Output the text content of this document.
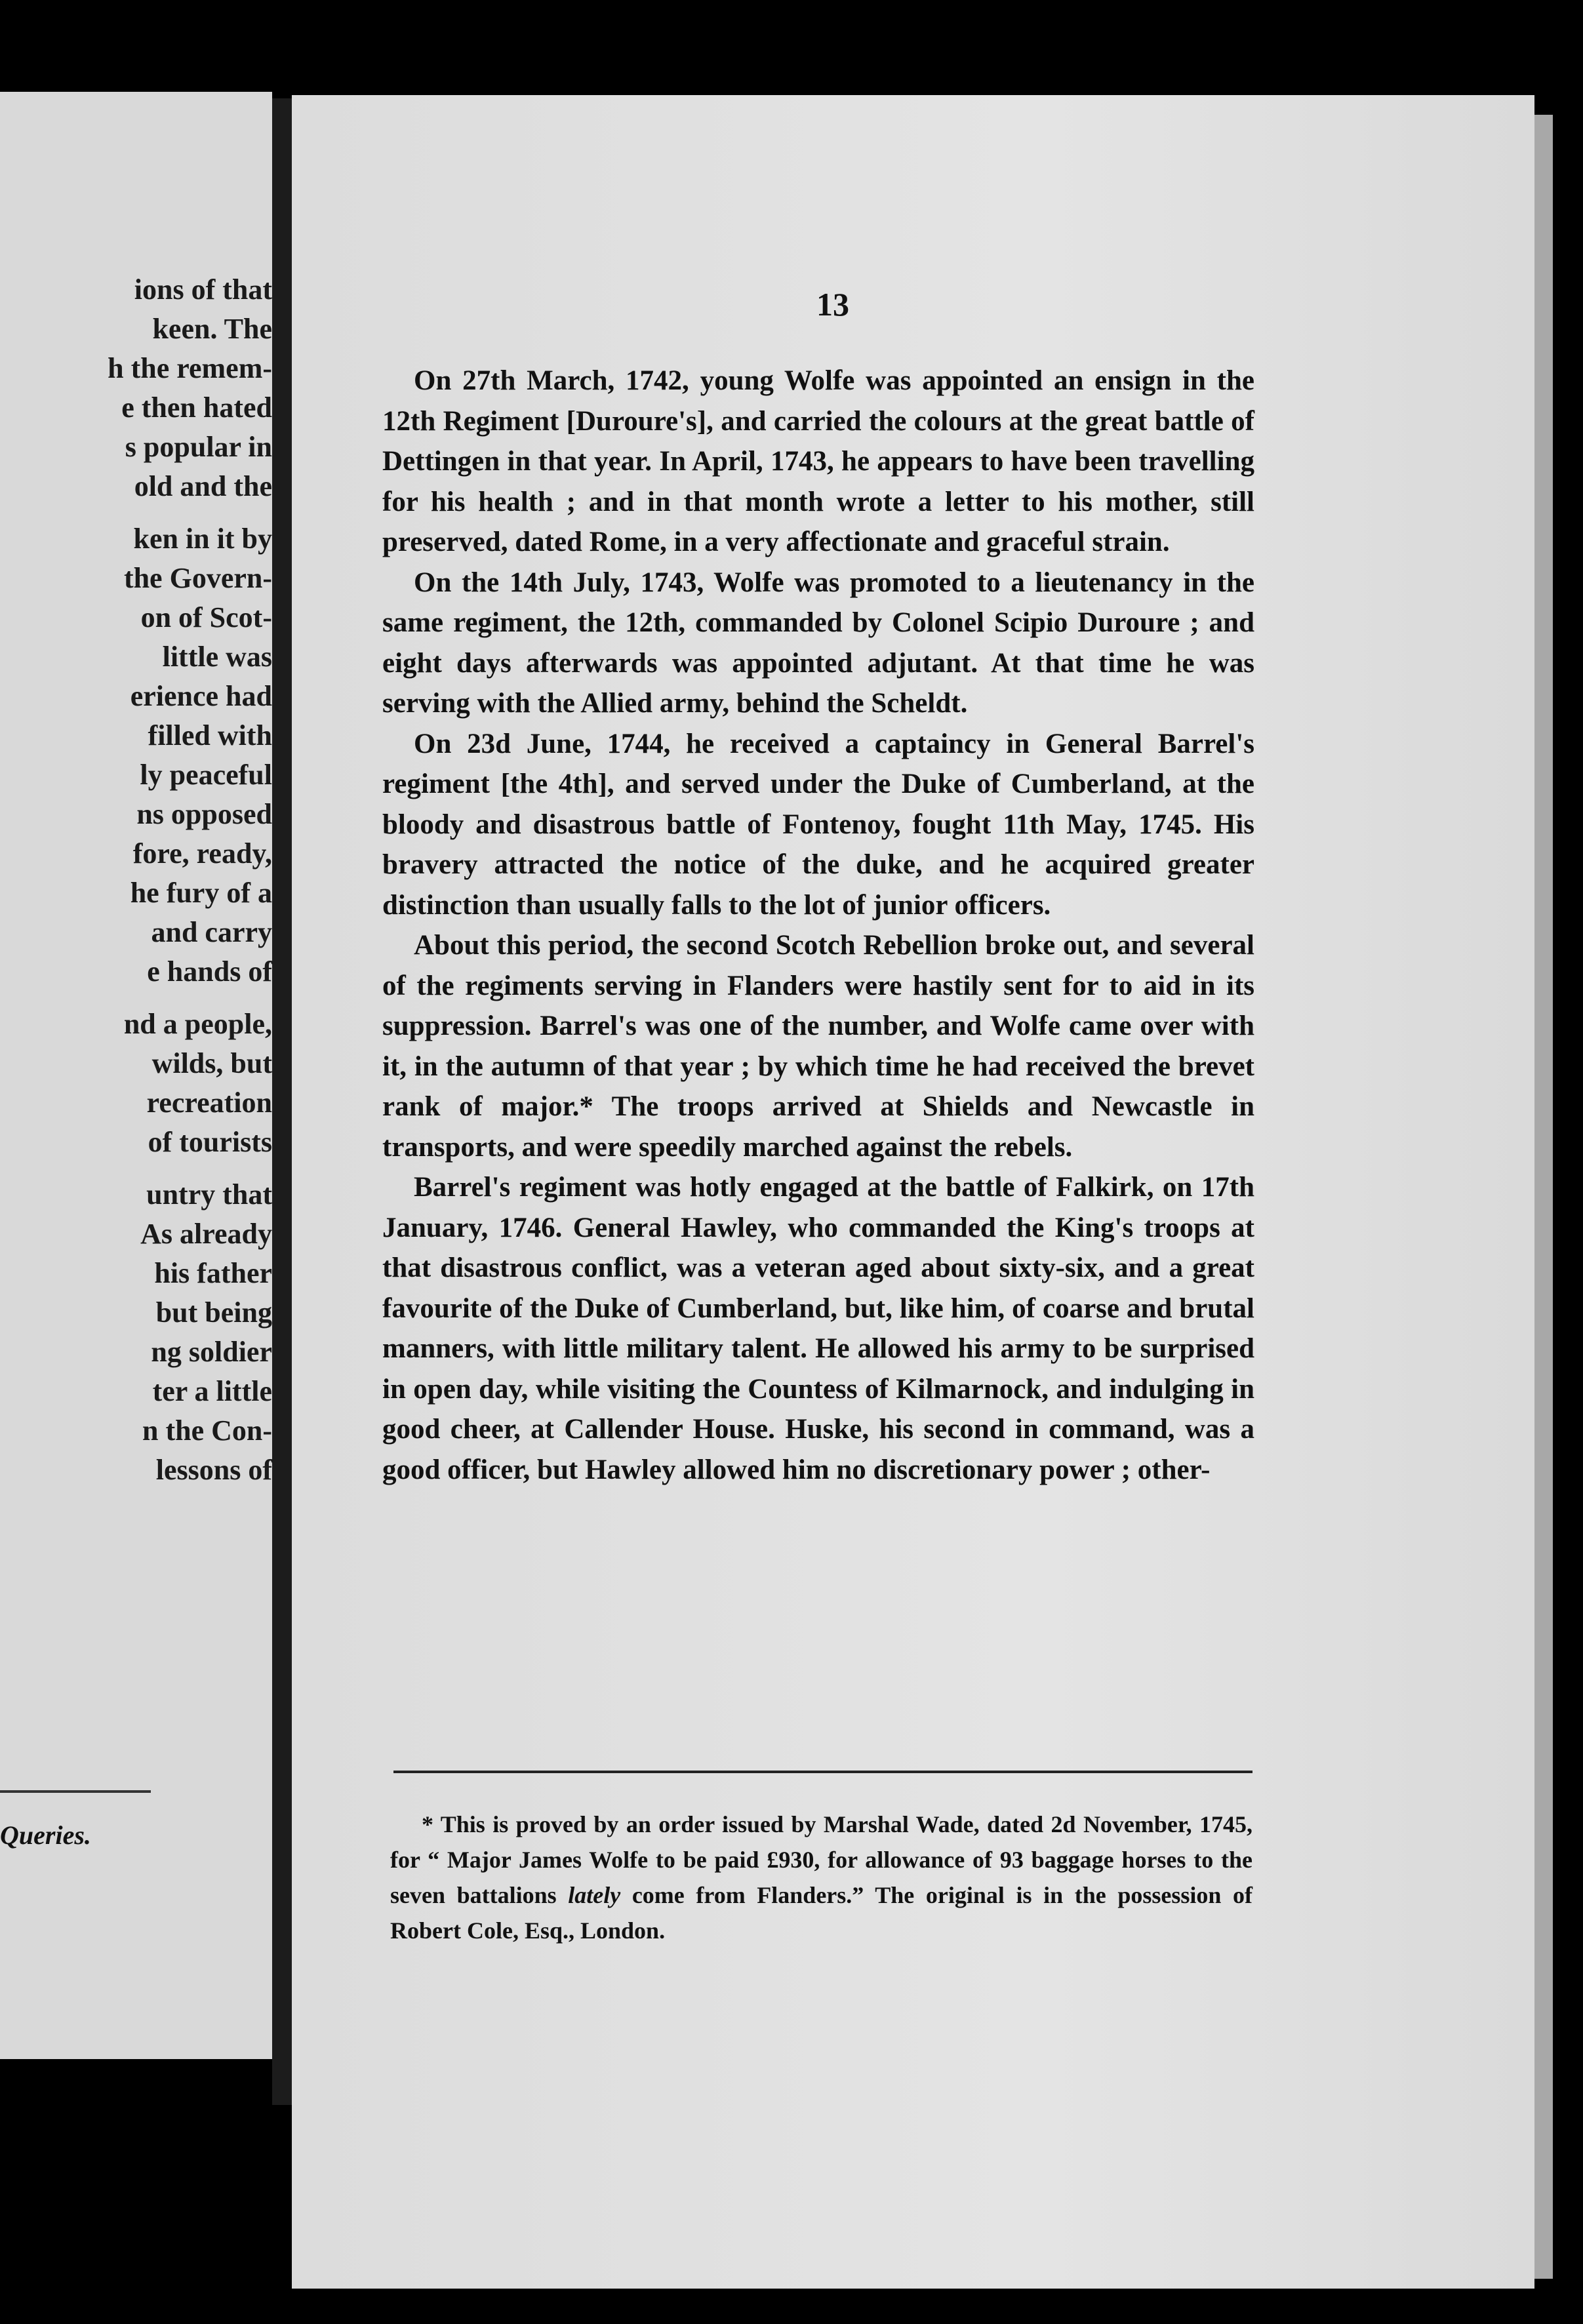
ions of that
keen. The
h the remem-
e then hated
s popular in
old and the
ken in it by
the Govern-
on of Scot-
little was
erience had
filled with
ly peaceful
ns opposed
fore, ready,
he fury of a
and carry
e hands of
nd a people,
wilds, but
recreation
of tourists
untry that
As already
his father
but being
ng soldier
ter a little
n the Con-
lessons of
Queries.
13

On 27th March, 1742, young Wolfe was appointed an ensign in the 12th Regiment [Duroure's], and carried the colours at the great battle of Dettingen in that year. In April, 1743, he appears to have been travelling for his health ; and in that month wrote a letter to his mother, still preserved, dated Rome, in a very affectionate and graceful strain.

On the 14th July, 1743, Wolfe was promoted to a lieutenancy in the same regiment, the 12th, commanded by Colonel Scipio Duroure ; and eight days afterwards was appointed adjutant. At that time he was serving with the Allied army, behind the Scheldt.

On 23d June, 1744, he received a captaincy in General Barrel's regiment [the 4th], and served under the Duke of Cumberland, at the bloody and disastrous battle of Fontenoy, fought 11th May, 1745. His bravery attracted the notice of the duke, and he acquired greater distinction than usually falls to the lot of junior officers.

About this period, the second Scotch Rebellion broke out, and several of the regiments serving in Flanders were hastily sent for to aid in its suppression. Barrel's was one of the number, and Wolfe came over with it, in the autumn of that year ; by which time he had received the brevet rank of major.* The troops arrived at Shields and Newcastle in transports, and were speedily marched against the rebels.

Barrel's regiment was hotly engaged at the battle of Falkirk, on 17th January, 1746. General Hawley, who commanded the King's troops at that disastrous conflict, was a veteran aged about sixty-six, and a great favourite of the Duke of Cumberland, but, like him, of coarse and brutal manners, with little military talent. He allowed his army to be surprised in open day, while visiting the Countess of Kilmarnock, and indulging in good cheer, at Callender House. Huske, his second in command, was a good officer, but Hawley allowed him no discretionary power ; other-

* This is proved by an order issued by Marshal Wade, dated 2d November, 1745, for “ Major James Wolfe to be paid £930, for allowance of 93 baggage horses to the seven battalions lately come from Flanders.” The original is in the possession of Robert Cole, Esq., London.
